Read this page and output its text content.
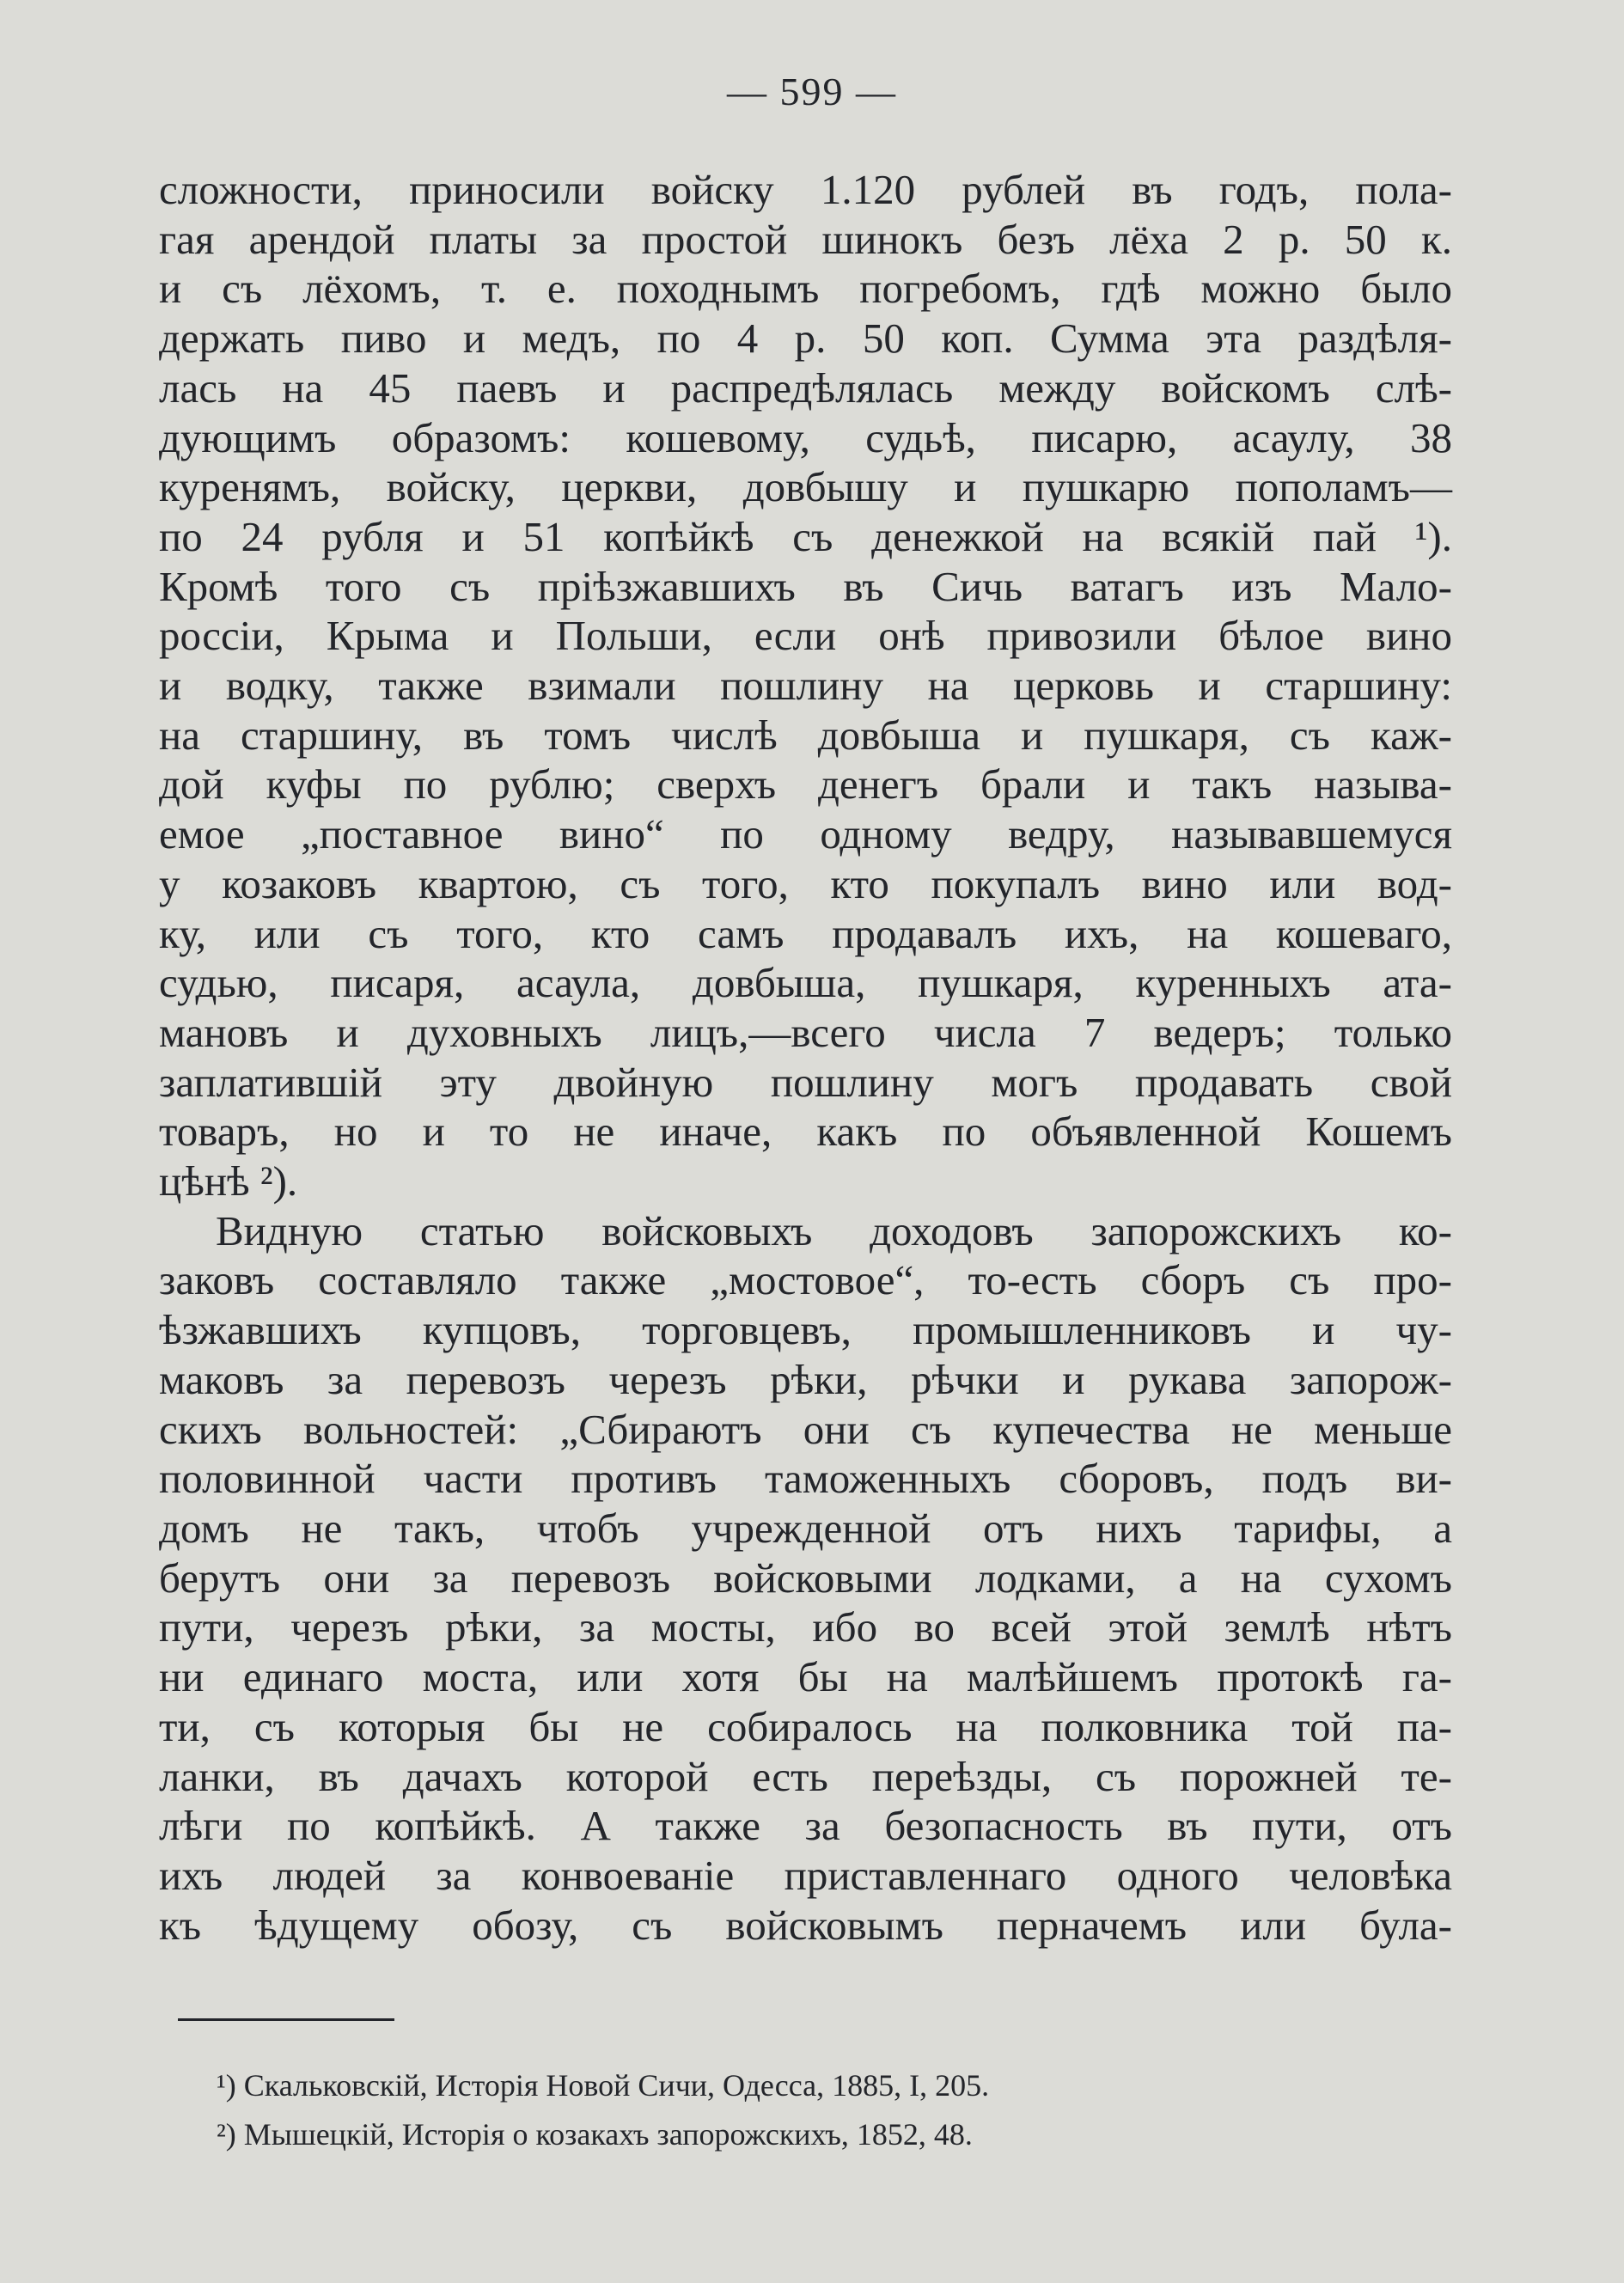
— 599 —
сложности, приносили войску 1.120 рублей въ годъ, пола-
гая арендой платы за простой шинокъ безъ лёха 2 р. 50 к.
и съ лёхомъ, т. е. походнымъ погребомъ, гдѣ можно было
держать пиво и медъ, по 4 р. 50 коп. Сумма эта раздѣля-
лась на 45 паевъ и распредѣлялась между войскомъ слѣ-
дующимъ образомъ: кошевому, судьѣ, писарю, асаулу, 38
куренямъ, войску, церкви, довбышу и пушкарю пополамъ—
по 24 рубля и 51 копѣйкѣ съ денежкой на всякій пай ¹).
Кромѣ того съ пріѣзжавшихъ въ Сичь ватагъ изъ Мало-
россіи, Крыма и Польши, если онѣ привозили бѣлое вино
и водку, также взимали пошлину на церковь и старшину:
на старшину, въ томъ числѣ довбыша и пушкаря, съ каж-
дой куфы по рублю; сверхъ денегъ брали и такъ называ-
емое „поставное вино“ по одному ведру, называвшемуся
у козаковъ квартою, съ того, кто покупалъ вино или вод-
ку, или съ того, кто самъ продавалъ ихъ, на кошеваго,
судью, писаря, асаула, довбыша, пушкаря, куренныхъ ата-
мановъ и духовныхъ лицъ,—всего числа 7 ведеръ; только
заплатившій эту двойную пошлину могъ продавать свой
товаръ, но и то не иначе, какъ по объявленной Кошемъ
цѣнѣ ²).
Видную статью войсковыхъ доходовъ запорожскихъ ко-
заковъ составляло также „мостовое“, то-есть сборъ съ про-
ѣзжавшихъ купцовъ, торговцевъ, промышленниковъ и чу-
маковъ за перевозъ черезъ рѣки, рѣчки и рукава запорож-
скихъ вольностей: „Сбираютъ они съ купечества не меньше
половинной части противъ таможенныхъ сборовъ, подъ ви-
домъ не такъ, чтобъ учрежденной отъ нихъ тарифы, а
берутъ они за перевозъ войсковыми лодками, а на сухомъ
пути, черезъ рѣки, за мосты, ибо во всей этой землѣ нѣтъ
ни единаго моста, или хотя бы на малѣйшемъ протокѣ га-
ти, съ которыя бы не собиралось на полковника той па-
ланки, въ дачахъ которой есть переѣзды, съ порожней те-
лѣги по копѣйкѣ. А также за безопасность въ пути, отъ
ихъ людей за конвоеваніе приставленнаго одного человѣка
къ ѣдущему обозу, съ войсковымъ перначемъ или була-
¹) Скальковскій, Исторія Новой Сичи, Одесса, 1885, I, 205.
²) Мышецкій, Исторія о козакахъ запорожскихъ, 1852, 48.
